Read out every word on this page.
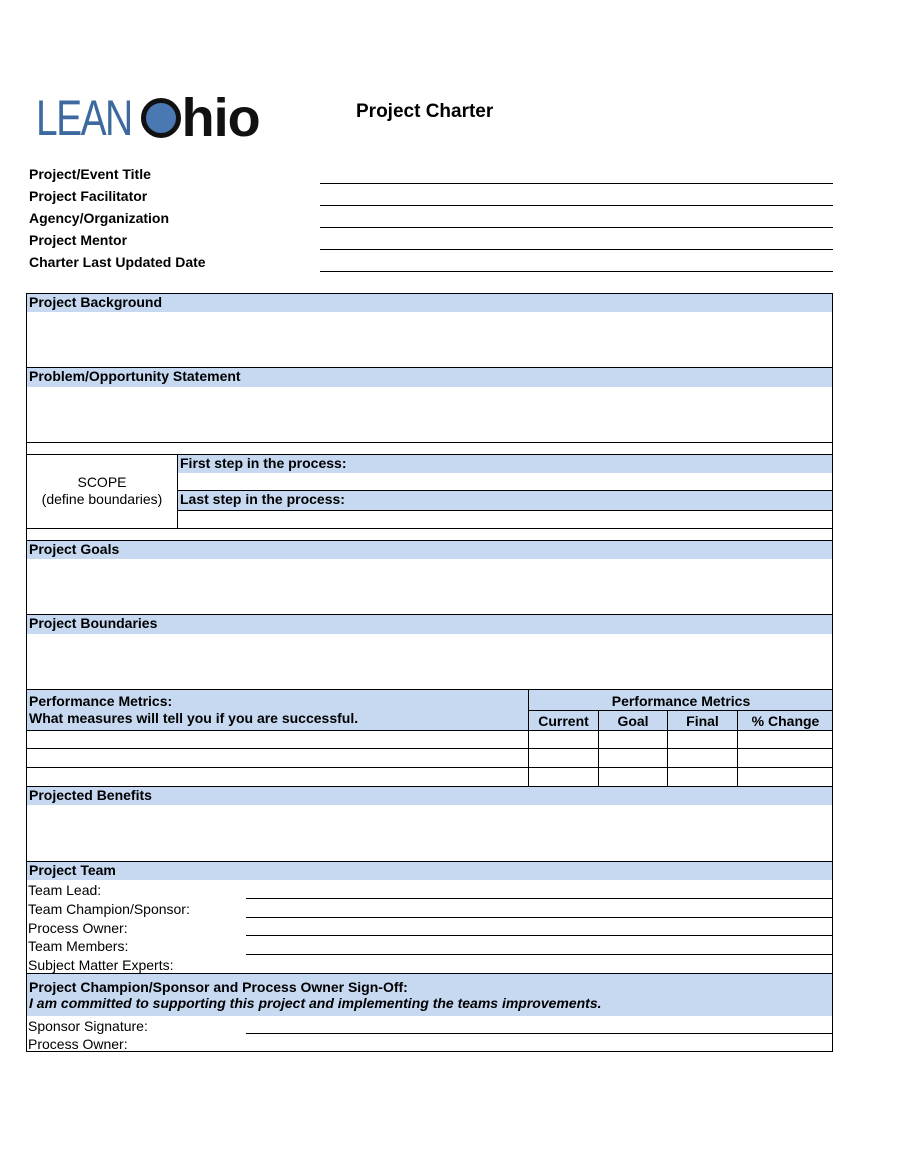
LEAN hio	Project Charter
Project/Event Title
Project Facilitator
Agency/Organization
Project Mentor
Charter Last Updated Date
Project Background
Problem/Opportunity Statement
SCOPE
(define boundaries)
First step in the process:
Last step in the process:
Project Goals
Project Boundaries
Performance Metrics:
What measures will tell you if you are successful.
Performance Metrics
Current	Goal	Final	% Change
Projected Benefits
Project Team
Team Lead:
Team Champion/Sponsor:
Process Owner:
Team Members:
Subject Matter Experts:
Project Champion/Sponsor and Process Owner Sign-Off:
I am committed to supporting this project and implementing the teams improvements.
Sponsor Signature:
Process Owner:
